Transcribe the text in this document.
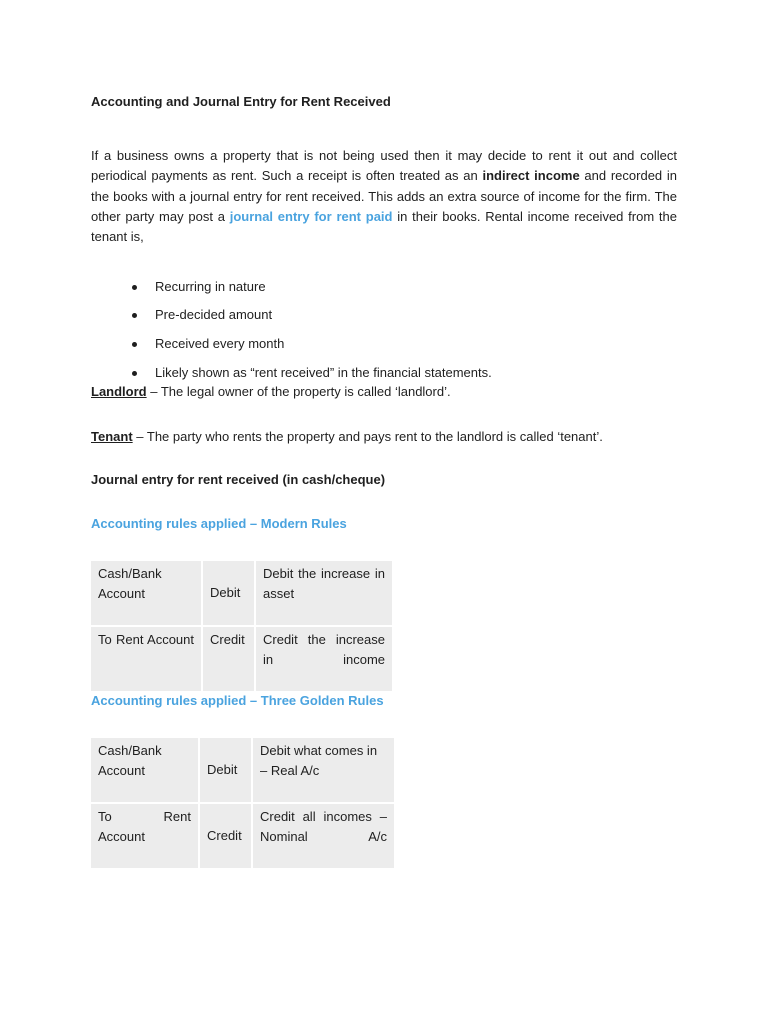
Accounting and Journal Entry for Rent Received
If a business owns a property that is not being used then it may decide to rent it out and collect periodical payments as rent. Such a receipt is often treated as an indirect income and recorded in the books with a journal entry for rent received. This adds an extra source of income for the firm. The other party may post a journal entry for rent paid in their books. Rental income received from the tenant is,
Recurring in nature
Pre-decided amount
Received every month
Likely shown as “rent received” in the financial statements.
Landlord – The legal owner of the property is called ‘landlord’.
Tenant – The party who rents the property and pays rent to the landlord is called ‘tenant’.
Journal entry for rent received (in cash/cheque)
Accounting rules applied – Modern Rules
Cash/Bank Account	Debit	Debit the increase in asset
To Rent Account	Credit	Credit the increase in income
Accounting rules applied – Three Golden Rules
Cash/Bank Account	Debit	Debit what comes in – Real A/c
To Rent Account	Credit	Credit all incomes – Nominal A/c
